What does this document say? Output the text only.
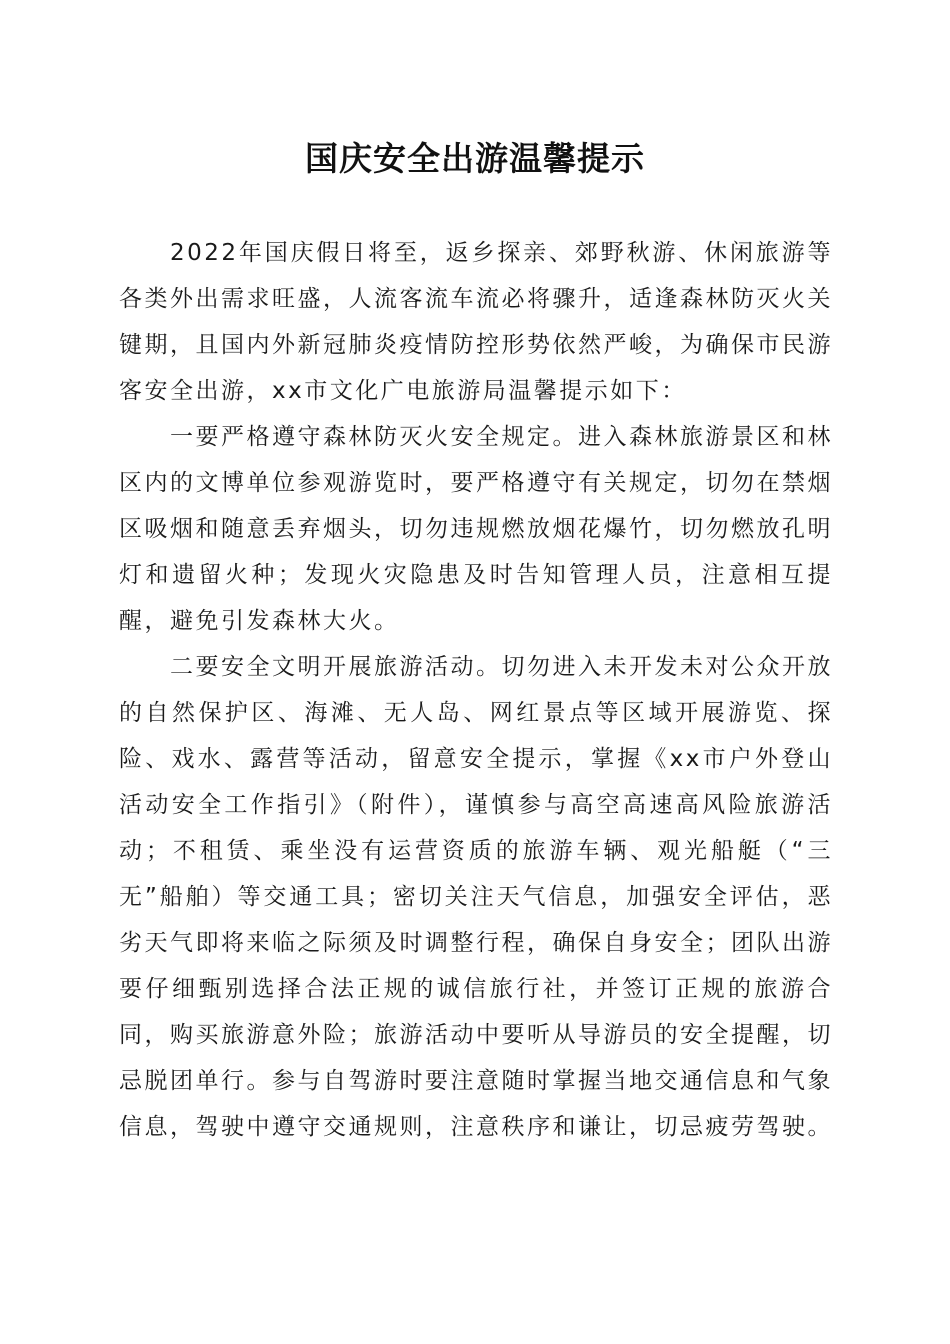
国庆安全出游温馨提示

2022年国庆假日将至，返乡探亲、郊野秋游、休闲旅游等各类外出需求旺盛，人流客流车流必将骤升，适逢森林防灭火关键期，且国内外新冠肺炎疫情防控形势依然严峻，为确保市民游客安全出游，xx市文化广电旅游局温馨提示如下：

一要严格遵守森林防灭火安全规定。进入森林旅游景区和林区内的文博单位参观游览时，要严格遵守有关规定，切勿在禁烟区吸烟和随意丢弃烟头，切勿违规燃放烟花爆竹，切勿燃放孔明灯和遗留火种；发现火灾隐患及时告知管理人员，注意相互提醒，避免引发森林大火。

二要安全文明开展旅游活动。切勿进入未开发未对公众开放的自然保护区、海滩、无人岛、网红景点等区域开展游览、探险、戏水、露营等活动，留意安全提示，掌握《xx市户外登山活动安全工作指引》（附件），谨慎参与高空高速高风险旅游活动；不租赁、乘坐没有运营资质的旅游车辆、观光船艇（“三无”船舶）等交通工具；密切关注天气信息，加强安全评估，恶劣天气即将来临之际须及时调整行程，确保自身安全；团队出游要仔细甄别选择合法正规的诚信旅行社，并签订正规的旅游合同，购买旅游意外险；旅游活动中要听从导游员的安全提醒，切忌脱团单行。参与自驾游时要注意随时掌握当地交通信息和气象信息，驾驶中遵守交通规则，注意秩序和谦让，切忌疲劳驾驶。
